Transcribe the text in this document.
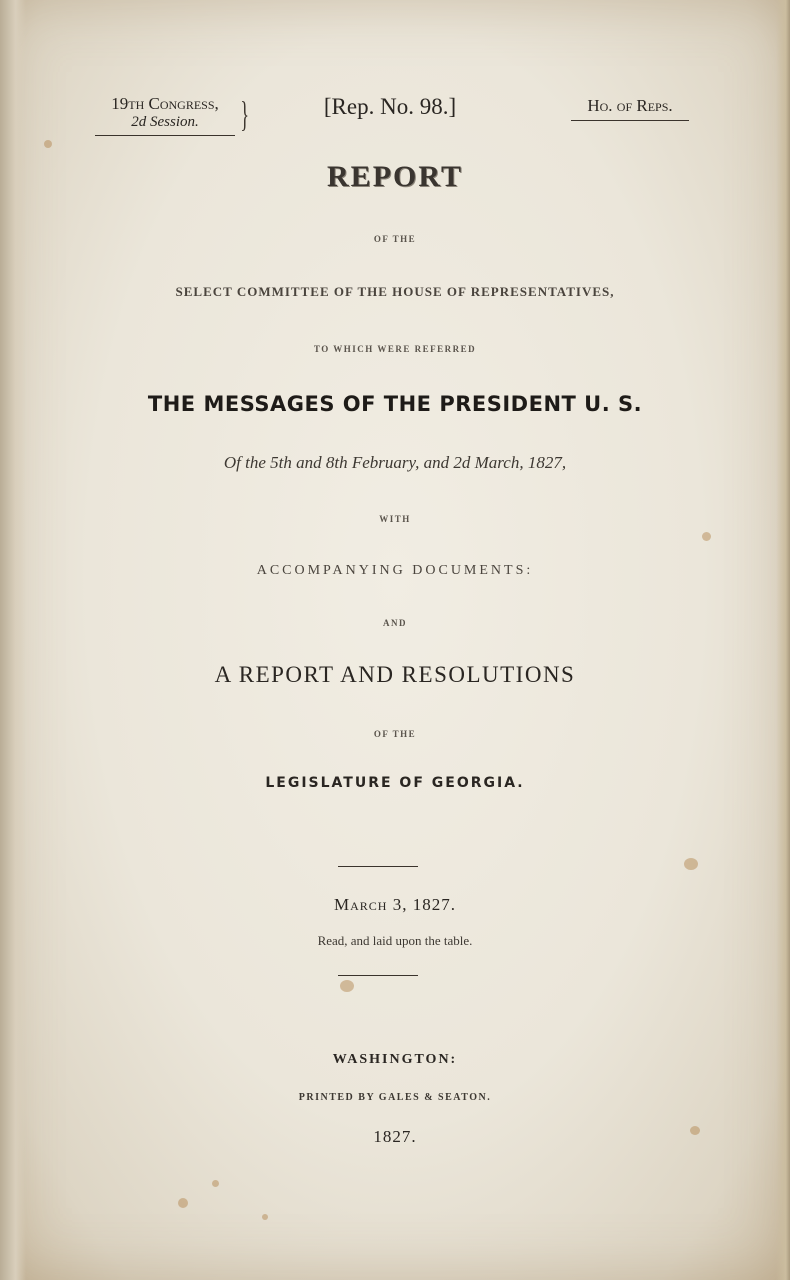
19th Congress,
2d Session.	}	[Rep. No. 98.]	Ho. of Reps.
REPORT
OF THE
SELECT COMMITTEE OF THE HOUSE OF REPRESENTATIVES,
TO WHICH WERE REFERRED
THE MESSAGES OF THE PRESIDENT U. S.
Of the 5th and 8th February, and 2d March, 1827,
WITH
ACCOMPANYING DOCUMENTS:
AND
A REPORT AND RESOLUTIONS
OF THE
LEGISLATURE OF GEORGIA.
March 3, 1827.
Read, and laid upon the table.
WASHINGTON:
PRINTED BY GALES & SEATON.
1827.
